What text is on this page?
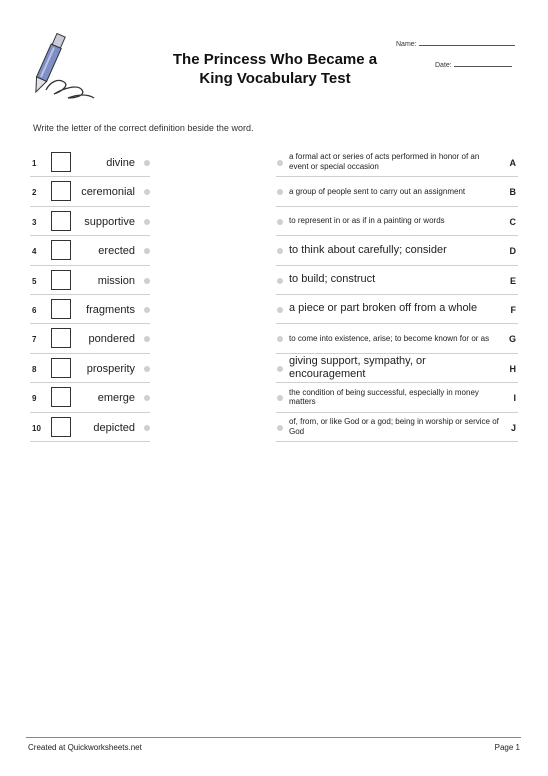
The Princess Who Became a
King Vocabulary Test
Name:
Date:
Write the letter of the correct definition beside the word.
1	divine
2	ceremonial
3	supportive
4	erected
5	mission
6	fragments
7	pondered
8	prosperity
9	emerge
10	depicted
a formal act or series of acts performed in honor of an event or special occasion	A
a group of people sent to carry out an assignment	B
to represent in or as if in a painting or words	C
to think about carefully; consider	D
to build; construct	E
a piece or part broken off from a whole	F
to come into existence, arise; to become known for or as	G
giving support, sympathy, or encouragement	H
the condition of being successful, especially in money matters	I
of, from, or like God or a god; being in worship or service of God	J
Created at Quickworksheets.net	Page 1
